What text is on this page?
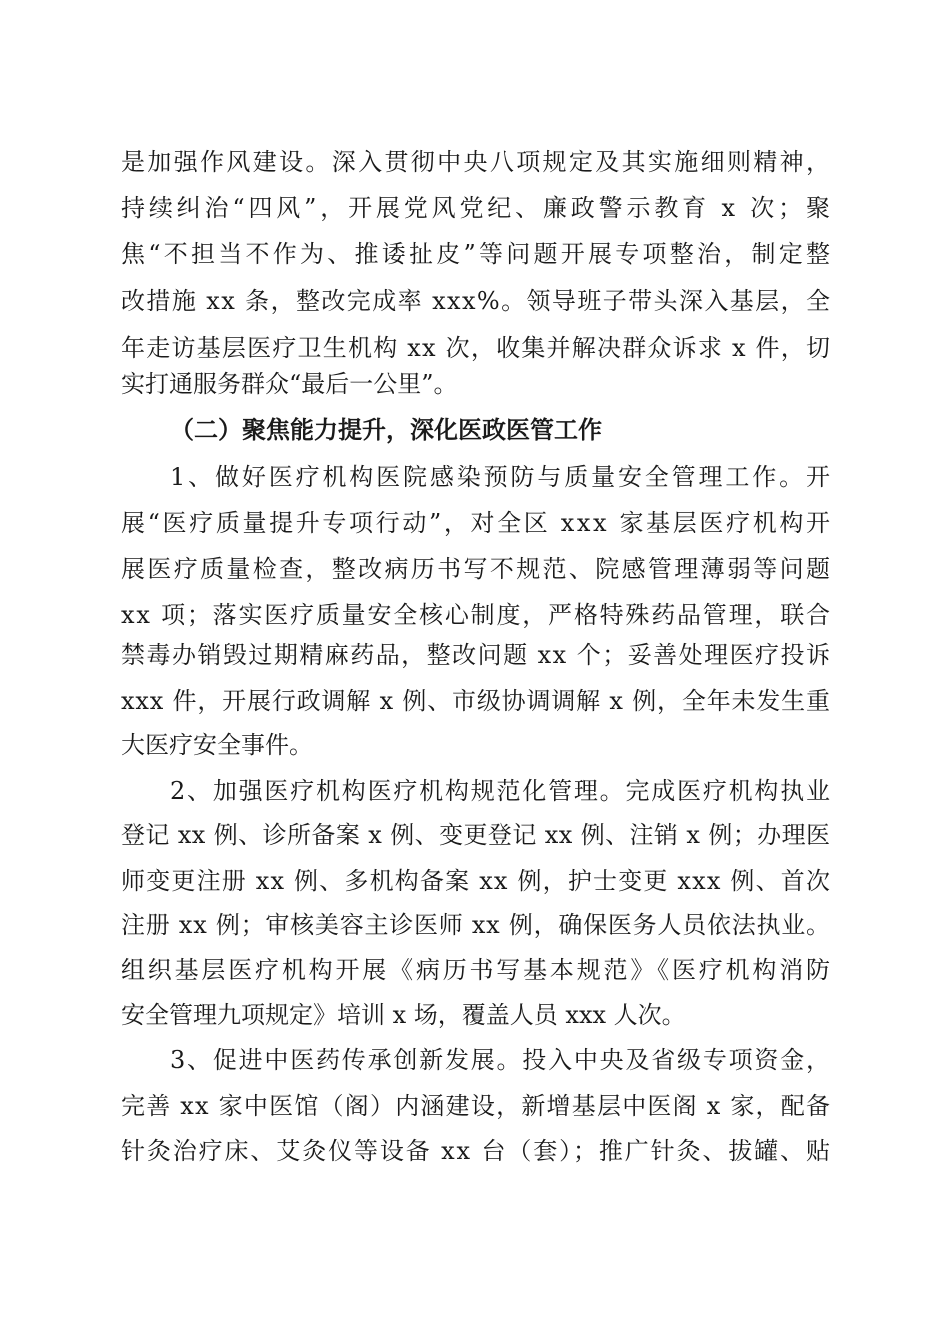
是加强作风建设。深入贯彻中央八项规定及其实施细则精神，
持续纠治“四风”，开展党风党纪、廉政警示教育 x 次；聚
焦“不担当不作为、推诿扯皮”等问题开展专项整治，制定整
改措施 xx 条，整改完成率 xxx%。领导班子带头深入基层，全
年走访基层医疗卫生机构 xx 次，收集并解决群众诉求 x 件，切
实打通服务群众“最后一公里”。
（二）聚焦能力提升，深化医政医管工作
1、做好医疗机构医院感染预防与质量安全管理工作。开
展“医疗质量提升专项行动”，对全区 xxx 家基层医疗机构开
展医疗质量检查，整改病历书写不规范、院感管理薄弱等问题
xx 项；落实医疗质量安全核心制度，严格特殊药品管理，联合
禁毒办销毁过期精麻药品，整改问题 xx 个；妥善处理医疗投诉
xxx 件，开展行政调解 x 例、市级协调调解 x 例，全年未发生重
大医疗安全事件。
2、加强医疗机构医疗机构规范化管理。完成医疗机构执业
登记 xx 例、诊所备案 x 例、变更登记 xx 例、注销 x 例；办理医
师变更注册 xx 例、多机构备案 xx 例，护士变更 xxx 例、首次
注册 xx 例；审核美容主诊医师 xx 例，确保医务人员依法执业。
组织基层医疗机构开展《病历书写基本规范》《医疗机构消防
安全管理九项规定》培训 x 场，覆盖人员 xxx 人次。
3、促进中医药传承创新发展。投入中央及省级专项资金，
完善 xx 家中医馆（阁）内涵建设，新增基层中医阁 x 家，配备
针灸治疗床、艾灸仪等设备 xx 台（套）；推广针灸、拔罐、贴
